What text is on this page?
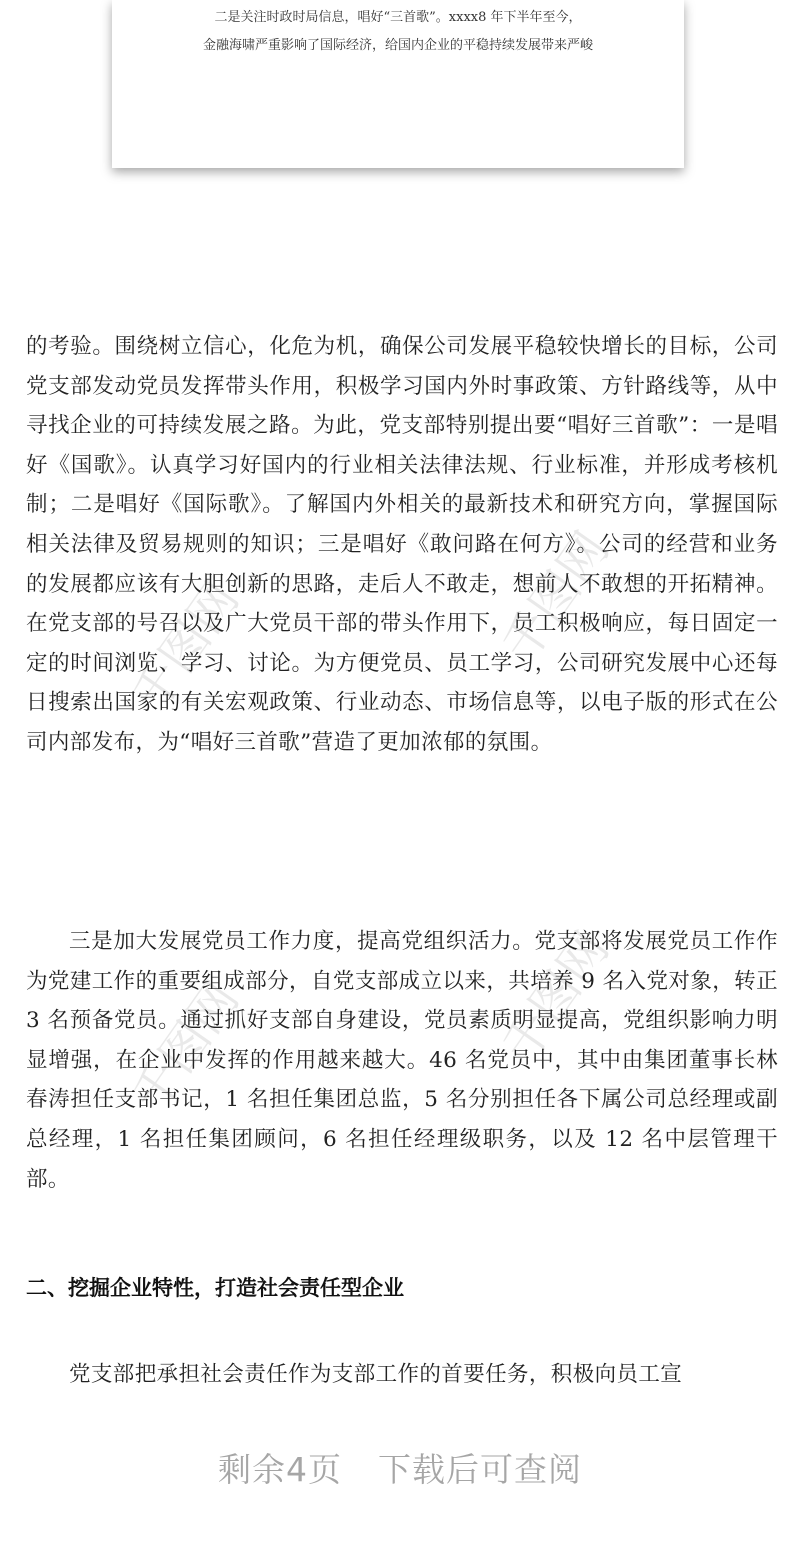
二是关注时政时局信息，唱好“三首歌”。xxxx8 年下半年至今，
金融海啸严重影响了国际经济，给国内企业的平稳持续发展带来严峻
千图网	千图网
千图网	千图网
的考验。围绕树立信心，化危为机，确保公司发展平稳较快增长的目标，公司党支部发动党员发挥带头作用，积极学习国内外时事政策、方针路线等，从中寻找企业的可持续发展之路。为此，党支部特别提出要“唱好三首歌”：一是唱好《国歌》。认真学习好国内的行业相关法律法规、行业标准，并形成考核机制；二是唱好《国际歌》。了解国内外相关的最新技术和研究方向，掌握国际相关法律及贸易规则的知识；三是唱好《敢问路在何方》。公司的经营和业务的发展都应该有大胆创新的思路，走后人不敢走，想前人不敢想的开拓精神。在党支部的号召以及广大党员干部的带头作用下，员工积极响应，每日固定一定的时间浏览、学习、讨论。为方便党员、员工学习，公司研究发展中心还每日搜索出国家的有关宏观政策、行业动态、市场信息等，以电子版的形式在公司内部发布，为“唱好三首歌”营造了更加浓郁的氛围。
三是加大发展党员工作力度，提高党组织活力。党支部将发展党员工作作为党建工作的重要组成部分，自党支部成立以来，共培养 9 名入党对象，转正 3 名预备党员。通过抓好支部自身建设，党员素质明显提高，党组织影响力明显增强，在企业中发挥的作用越来越大。46 名党员中，其中由集团董事长林春涛担任支部书记，1 名担任集团总监，5 名分别担任各下属公司总经理或副总经理，1 名担任集团顾问，6 名担任经理级职务，以及 12 名中层管理干部。
二、挖掘企业特性，打造社会责任型企业
党支部把承担社会责任作为支部工作的首要任务，积极向员工宣
剩余4页 下载后可查阅
